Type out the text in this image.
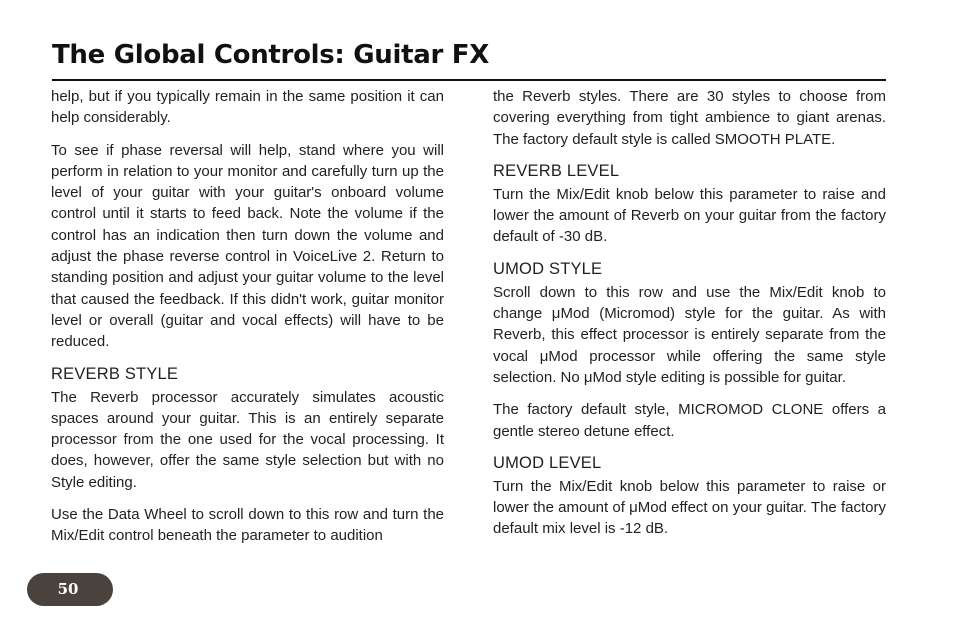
The Global Controls: Guitar FX

help, but if you typically remain in the same position it can help considerably.

To see if phase reversal will help, stand where you will perform in relation to your monitor and carefully turn up the level of your guitar with your guitar's onboard volume control until it starts to feed back. Note the volume if the control has an indication then turn down the volume and adjust the phase reverse control in VoiceLive 2. Return to standing position and adjust your guitar volume to the level that caused the feedback. If this didn't work, guitar monitor level or overall (guitar and vocal effects) will have to be reduced.

REVERB STYLE

The Reverb processor accurately simulates acoustic spaces around your guitar. This is an entirely separate processor from the one used for the vocal processing. It does, however, offer the same style selection but with no Style editing.

Use the Data Wheel to scroll down to this row and turn the Mix/Edit control beneath the parameter to audition

the Reverb styles. There are 30 styles to choose from covering everything from tight ambience to giant arenas. The factory default style is called SMOOTH PLATE.

REVERB LEVEL

Turn the Mix/Edit knob below this parameter to raise and lower the amount of Reverb on your guitar from the factory default of -30 dB.

UMOD STYLE

Scroll down to this row and use the Mix/Edit knob to change μMod (Micromod) style for the guitar. As with Reverb, this effect processor is entirely separate from the vocal μMod processor while offering the same style selection. No μMod style editing is possible for guitar.

The factory default style, MICROMOD CLONE offers a gentle stereo detune effect.

UMOD LEVEL

Turn the Mix/Edit knob below this parameter to raise or lower the amount of μMod effect on your guitar. The factory default mix level is -12 dB.

50
